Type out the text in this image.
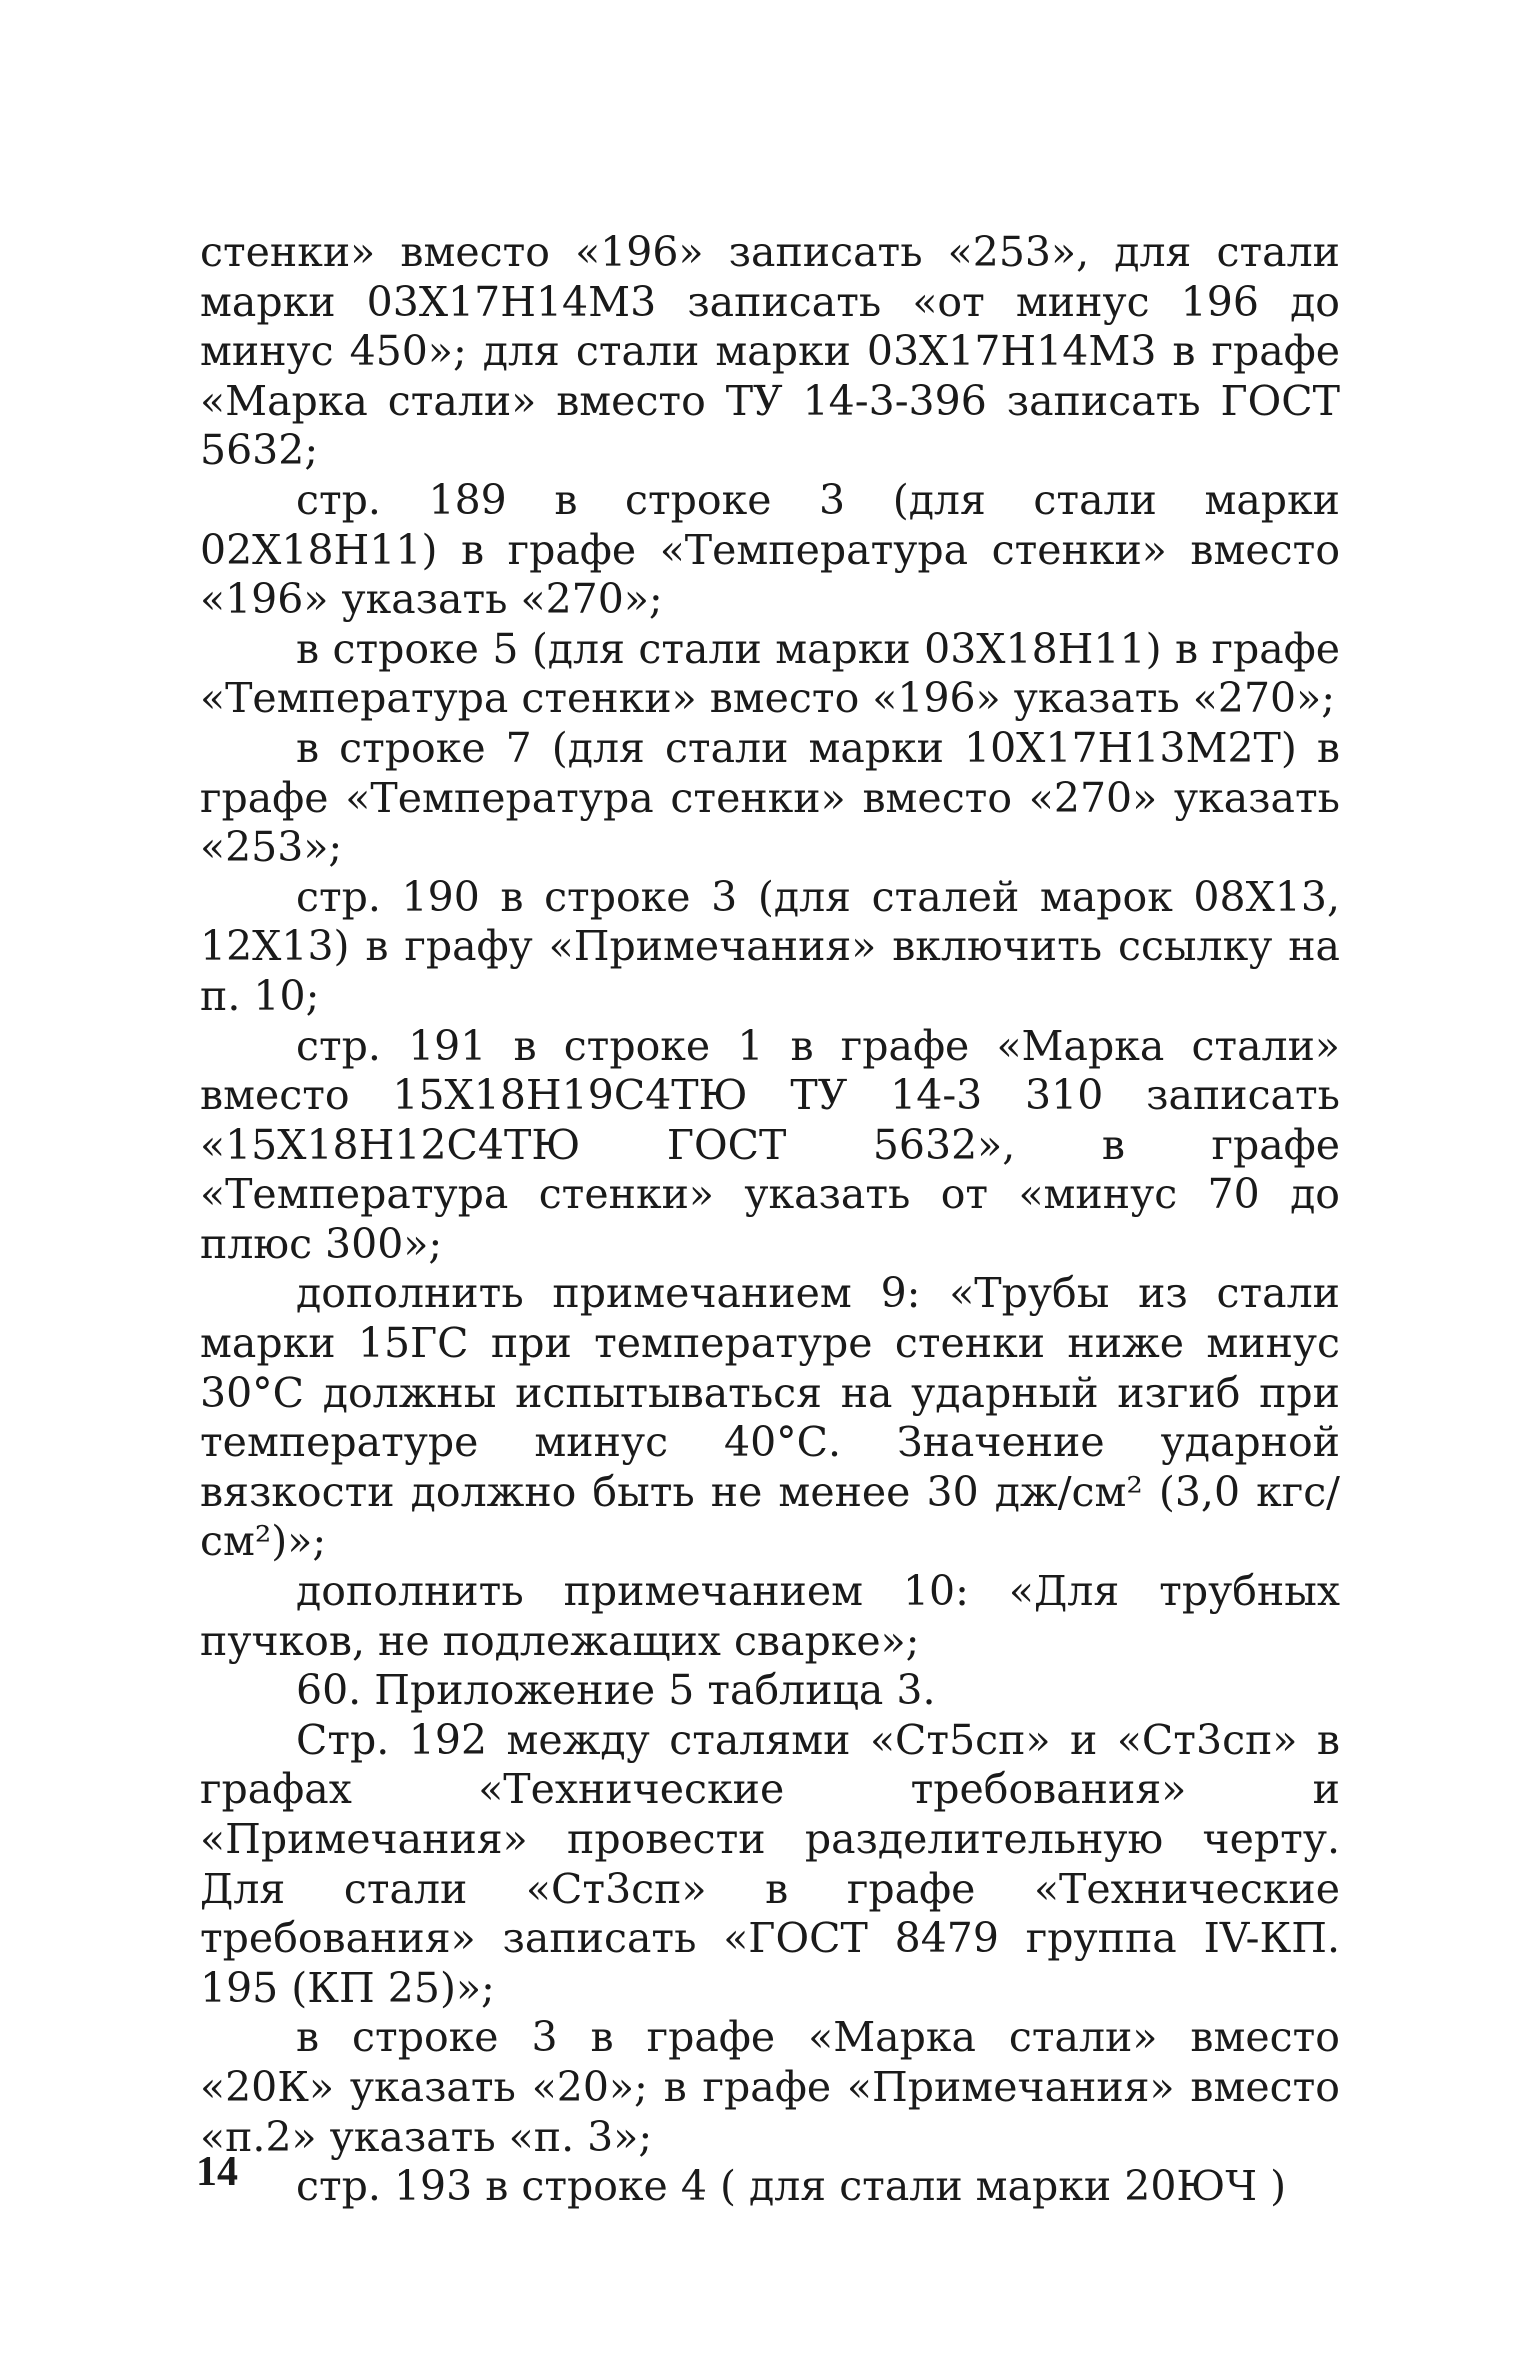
стенки» вместо «196» записать «253», для стали марки 03Х17Н14М3 записать «от минус 196 до минус 450»; для стали марки 03Х17Н14М3 в графе «Марка стали» вместо ТУ 14-3-396 записать ГОСТ 5632;

стр. 189 в строке 3 (для стали марки 02Х18Н11) в графе «Температура стенки» вместо «196» указать «270»;

в строке 5 (для стали марки 03Х18Н11) в графе «Температура стенки» вместо «196» указать «270»;

в строке 7 (для стали марки 10Х17Н13М2Т) в графе «Температура стенки» вместо «270» указать «253»;

стр. 190 в строке 3 (для сталей марок 08Х13, 12Х13) в графу «Примечания» включить ссылку на п. 10;

стр. 191 в строке 1 в графе «Марка стали» вместо 15Х18Н19С4ТЮ ТУ 14-3 310 записать «15Х18Н12С4ТЮ ГОСТ 5632», в графе «Температура стенки» указать от «минус 70 до плюс 300»;

дополнить примечанием 9: «Трубы из стали марки 15ГС при температуре стенки ниже минус 30°С должны испытываться на ударный изгиб при температуре минус 40°С. Значение ударной вязкости должно быть не менее 30 дж/см² (3,0 кгс/см²)»;

дополнить примечанием 10: «Для трубных пучков, не подлежащих сварке»;

60. Приложение 5 таблица 3.

Стр. 192 между сталями «Ст5сп» и «Ст3сп» в графах «Технические требования» и «Примечания» провести разделительную черту. Для стали «Ст3сп» в графе «Технические требования» записать «ГОСТ 8479 группа IV-КП. 195 (КП 25)»;

в строке 3 в графе «Марка стали» вместо «20К» указать «20»; в графе «Примечания» вместо «п.2» указать «п. 3»;

стр. 193 в строке 4 ( для стали марки 20ЮЧ )

14
